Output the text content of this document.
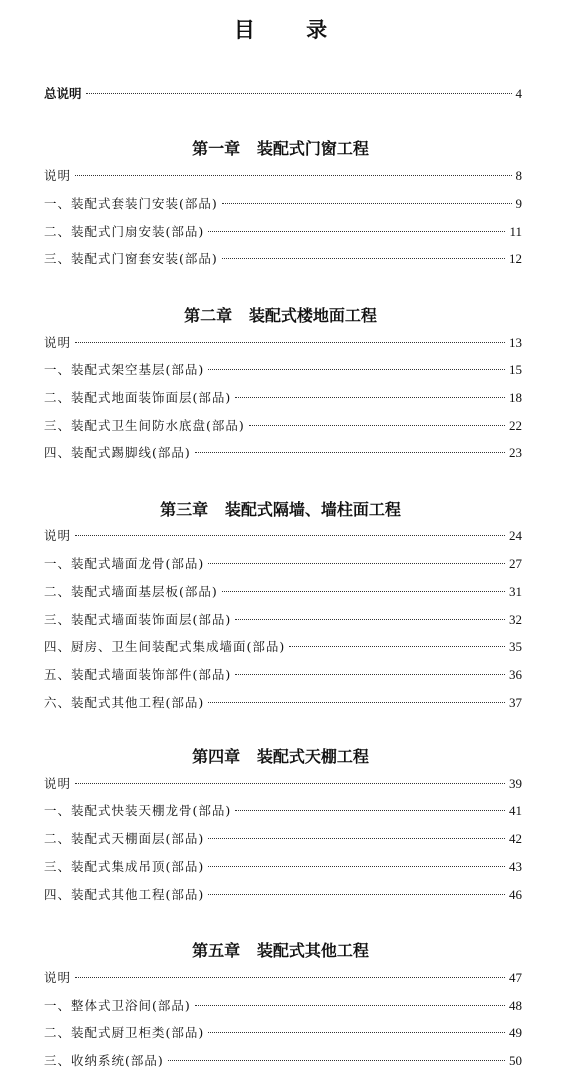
目 录
总说明	4
第一章   装配式门窗工程
说明	8
一、装配式套装门安装(部品)	9
二、装配式门扇安装(部品)	11
三、装配式门窗套安装(部品)	12
第二章   装配式楼地面工程
说明	13
一、装配式架空基层(部品)	15
二、装配式地面装饰面层(部品)	18
三、装配式卫生间防水底盘(部品)	22
四、装配式踢脚线(部品)	23
第三章   装配式隔墙、墙柱面工程
说明	24
一、装配式墙面龙骨(部品)	27
二、装配式墙面基层板(部品)	31
三、装配式墙面装饰面层(部品)	32
四、厨房、卫生间装配式集成墙面(部品)	35
五、装配式墙面装饰部件(部品)	36
六、装配式其他工程(部品)	37
第四章   装配式天棚工程
说明	39
一、装配式快装天棚龙骨(部品)	41
二、装配式天棚面层(部品)	42
三、装配式集成吊顶(部品)	43
四、装配式其他工程(部品)	46
第五章   装配式其他工程
说明	47
一、整体式卫浴间(部品)	48
二、装配式厨卫柜类(部品)	49
三、收纳系统(部品)	50
